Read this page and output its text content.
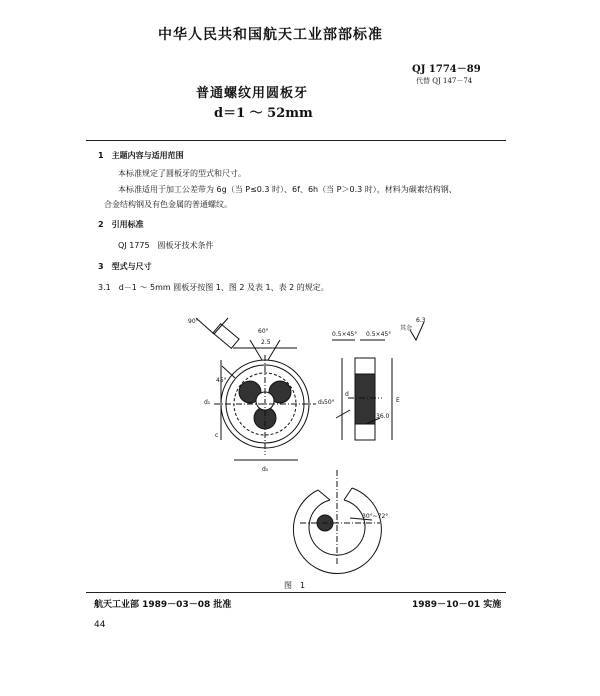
中华人民共和国航天工业部部标准
QJ 1774－89
代替 QJ 147－74
普通螺纹用圆板牙
d＝1 ～ 52mm
1　主题内容与适用范围
本标准规定了圆板牙的型式和尺寸。
本标准适用于加工公差带为 6g（当 P≤0.3 时）、6f、6h（当 P＞0.3 时），材料为碳素结构钢、
合金结构钢及有色金属的普通螺纹。
2　引用标准
QJ 1775　圆板牙技术条件
3　型式与尺寸
3.1　d－1 ～ 5mm 圆板牙按图 1、图 2 及表 1、表 2 的规定。
90°
60°
2.5
45°
d₁	d₃
c
d₅
0.5×45° 0.5×45°
50°
d
E
36.0
其余
6.3
30°~72°
图　1
航天工业部 1989－03－08 批准	1989－10－01 实施
44
